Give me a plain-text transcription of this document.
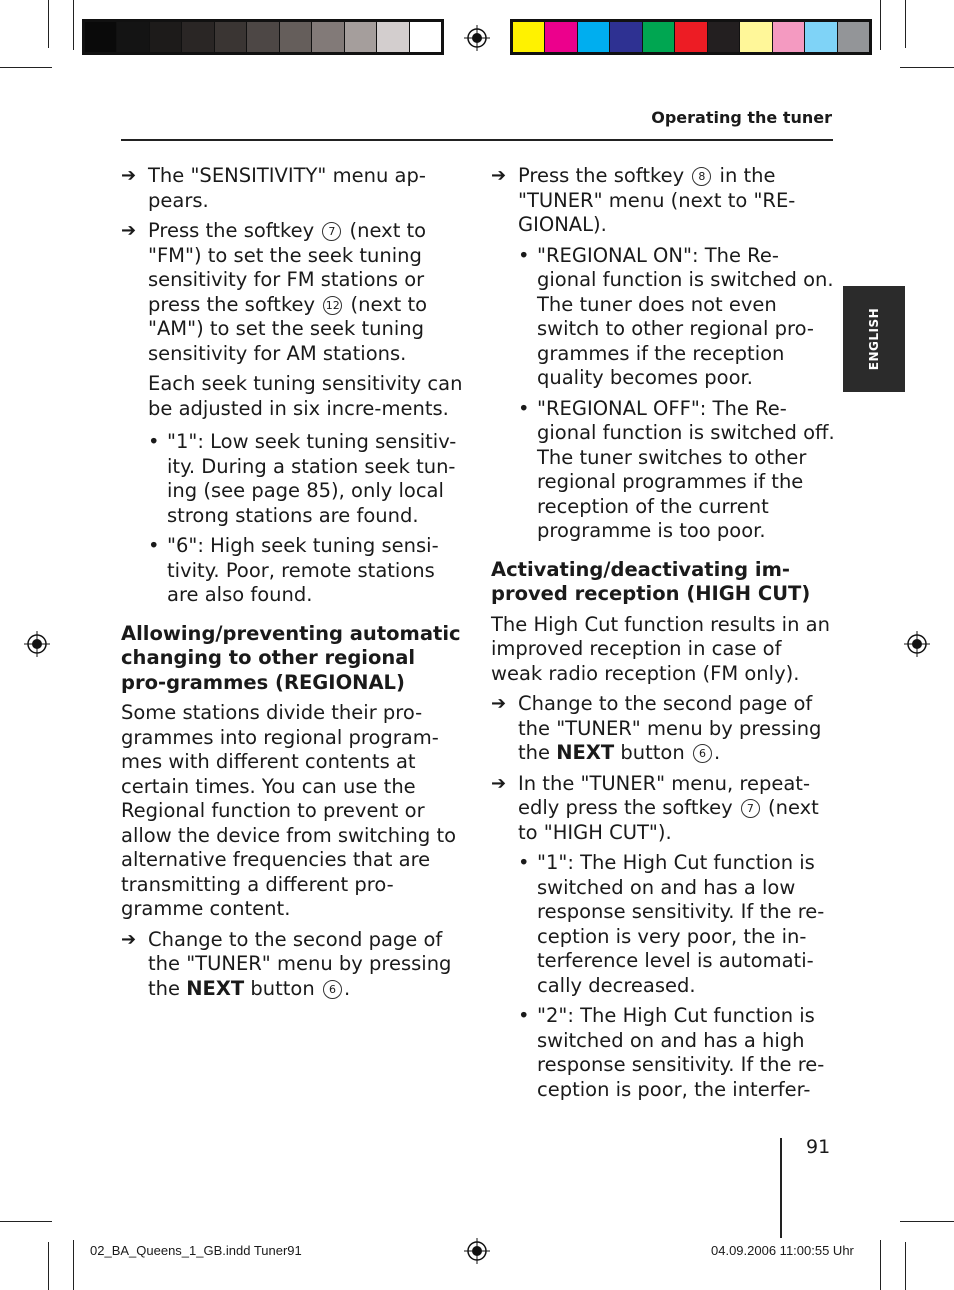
Operating the tuner
ENGLISH
➔ The "SENSITIVITY" menu ap-pears.
➔ Press the softkey 7 (next to "FM") to set the seek tuning sensitivity for FM stations or press the softkey 12 (next to "AM") to set the seek tuning sensitivity for AM stations.
Each seek tuning sensitivity can be adjusted in six incre-ments.
• "1": Low seek tuning sensitiv-ity. During a station seek tun-ing (see page 85), only local strong stations are found.
• "6": High seek tuning sensi-tivity. Poor, remote stations are also found.
Allowing/preventing automatic changing to other regional pro-grammes (REGIONAL)
Some stations divide their pro-grammes into regional program-mes with different contents at certain times. You can use the Regional function to prevent or allow the device from switching to alternative frequencies that are transmitting a different pro-gramme content.
➔ Change to the second page of the "TUNER" menu by pressing the NEXT button 6 .
➔ Press the softkey 8 in the "TUNER" menu (next to "RE-GIONAL).
• "REGIONAL ON": The Re-gional function is switched on. The tuner does not even switch to other regional pro-grammes if the reception quality becomes poor.
• "REGIONAL OFF": The Re-gional function is switched off. The tuner switches to other regional programmes if the reception of the current programme is too poor.
Activating/deactivating im-proved reception (HIGH CUT)
The High Cut function results in an improved reception in case of weak radio reception (FM only).
➔ Change to the second page of the "TUNER" menu by pressing the NEXT button 6 .
➔ In the "TUNER" menu, repeat-edly press the softkey 7 (next to "HIGH CUT").
• "1": The High Cut function is switched on and has a low response sensitivity. If the re-ception is very poor, the in-terference level is automati-cally decreased.
• "2": The High Cut function is switched on and has a high response sensitivity. If the re-ception is poor, the interfer-
91
02_BA_Queens_1_GB.indd Tuner91	04.09.2006 11:00:55 Uhr
